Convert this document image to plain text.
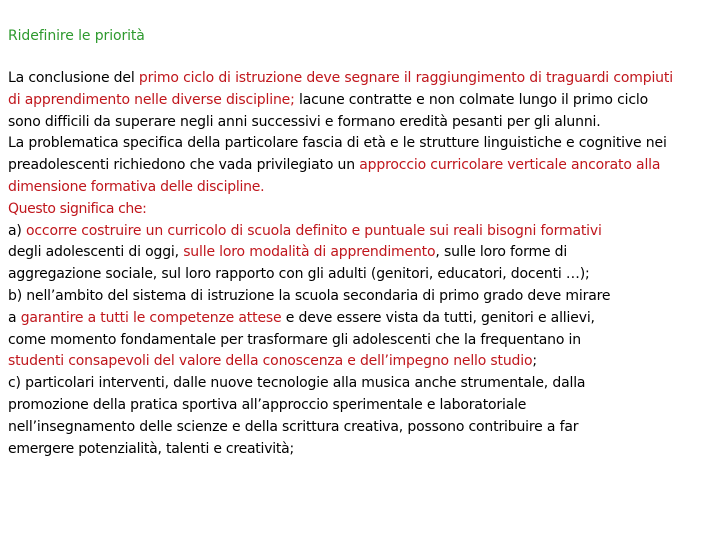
Ridefinire le priorità
La conclusione del primo ciclo di istruzione deve segnare il raggiungimento di traguardi compiuti
di apprendimento nelle diverse discipline; lacune contratte e non colmate lungo il primo ciclo
sono difficili da superare negli anni successivi e formano eredità pesanti per gli alunni.
La problematica specifica della particolare fascia di età e le strutture linguistiche e cognitive nei
preadolescenti richiedono che vada privilegiato un approccio curricolare verticale ancorato alla
dimensione formativa delle discipline.
Questo significa che:
a) occorre costruire un curricolo di scuola definito e puntuale sui reali bisogni formativi
degli adolescenti di oggi, sulle loro modalità di apprendimento, sulle loro forme di
aggregazione sociale, sul loro rapporto con gli adulti (genitori, educatori, docenti …);
b) nell’ambito del sistema di istruzione la scuola secondaria di primo grado deve mirare
a garantire a tutti le competenze attese e deve essere vista da tutti, genitori e allievi,
come momento fondamentale per trasformare gli adolescenti che la frequentano in
studenti consapevoli del valore della conoscenza e dell’impegno nello studio;
c) particolari interventi, dalle nuove tecnologie alla musica anche strumentale, dalla
promozione della pratica sportiva all’approccio sperimentale e laboratoriale
nell’insegnamento delle scienze e della scrittura creativa, possono contribuire a far
emergere potenzialità, talenti e creatività;
